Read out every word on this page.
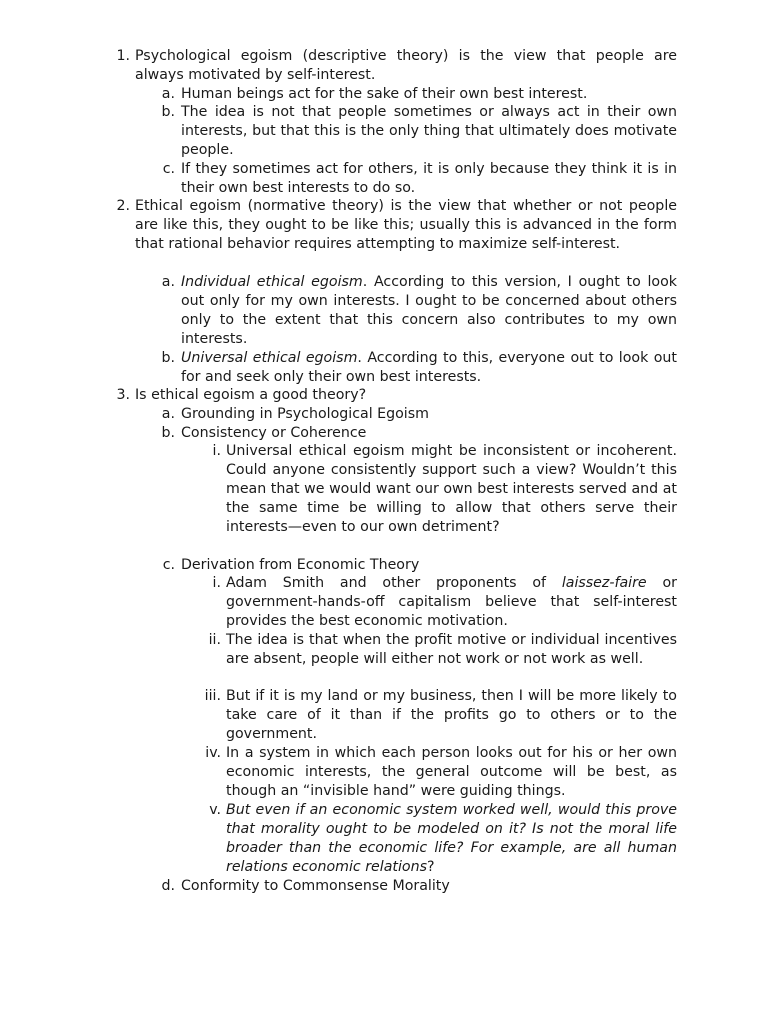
1. Psychological egoism (descriptive theory) is the view that people are always motivated by self-interest.
a. Human beings act for the sake of their own best interest.
b. The idea is not that people sometimes or always act in their own interests, but that this is the only thing that ultimately does motivate people.
c. If they sometimes act for others, it is only because they think it is in their own best interests to do so.
2. Ethical egoism (normative theory) is the view that whether or not people are like this, they ought to be like this; usually this is advanced in the form that rational behavior requires attempting to maximize self-interest.
a. Individual ethical egoism. According to this version, I ought to look out only for my own interests. I ought to be concerned about others only to the extent that this concern also contributes to my own interests.
b. Universal ethical egoism. According to this, everyone out to look out for and seek only their own best interests.
3. Is ethical egoism a good theory?
a. Grounding in Psychological Egoism
b. Consistency or Coherence
i. Universal ethical egoism might be inconsistent or incoherent. Could anyone consistently support such a view? Wouldn’t this mean that we would want our own best interests served and at the same time be willing to allow that others serve their interests—even to our own detriment?
c. Derivation from Economic Theory
i. Adam Smith and other proponents of laissez-faire or government-hands-off capitalism believe that self-interest provides the best economic motivation.
ii. The idea is that when the profit motive or individual incentives are absent, people will either not work or not work as well.
iii. But if it is my land or my business, then I will be more likely to take care of it than if the profits go to others or to the government.
iv. In a system in which each person looks out for his or her own economic interests, the general outcome will be best, as though an “invisible hand” were guiding things.
v. But even if an economic system worked well, would this prove that morality ought to be modeled on it? Is not the moral life broader than the economic life? For example, are all human relations economic relations?
d. Conformity to Commonsense Morality
